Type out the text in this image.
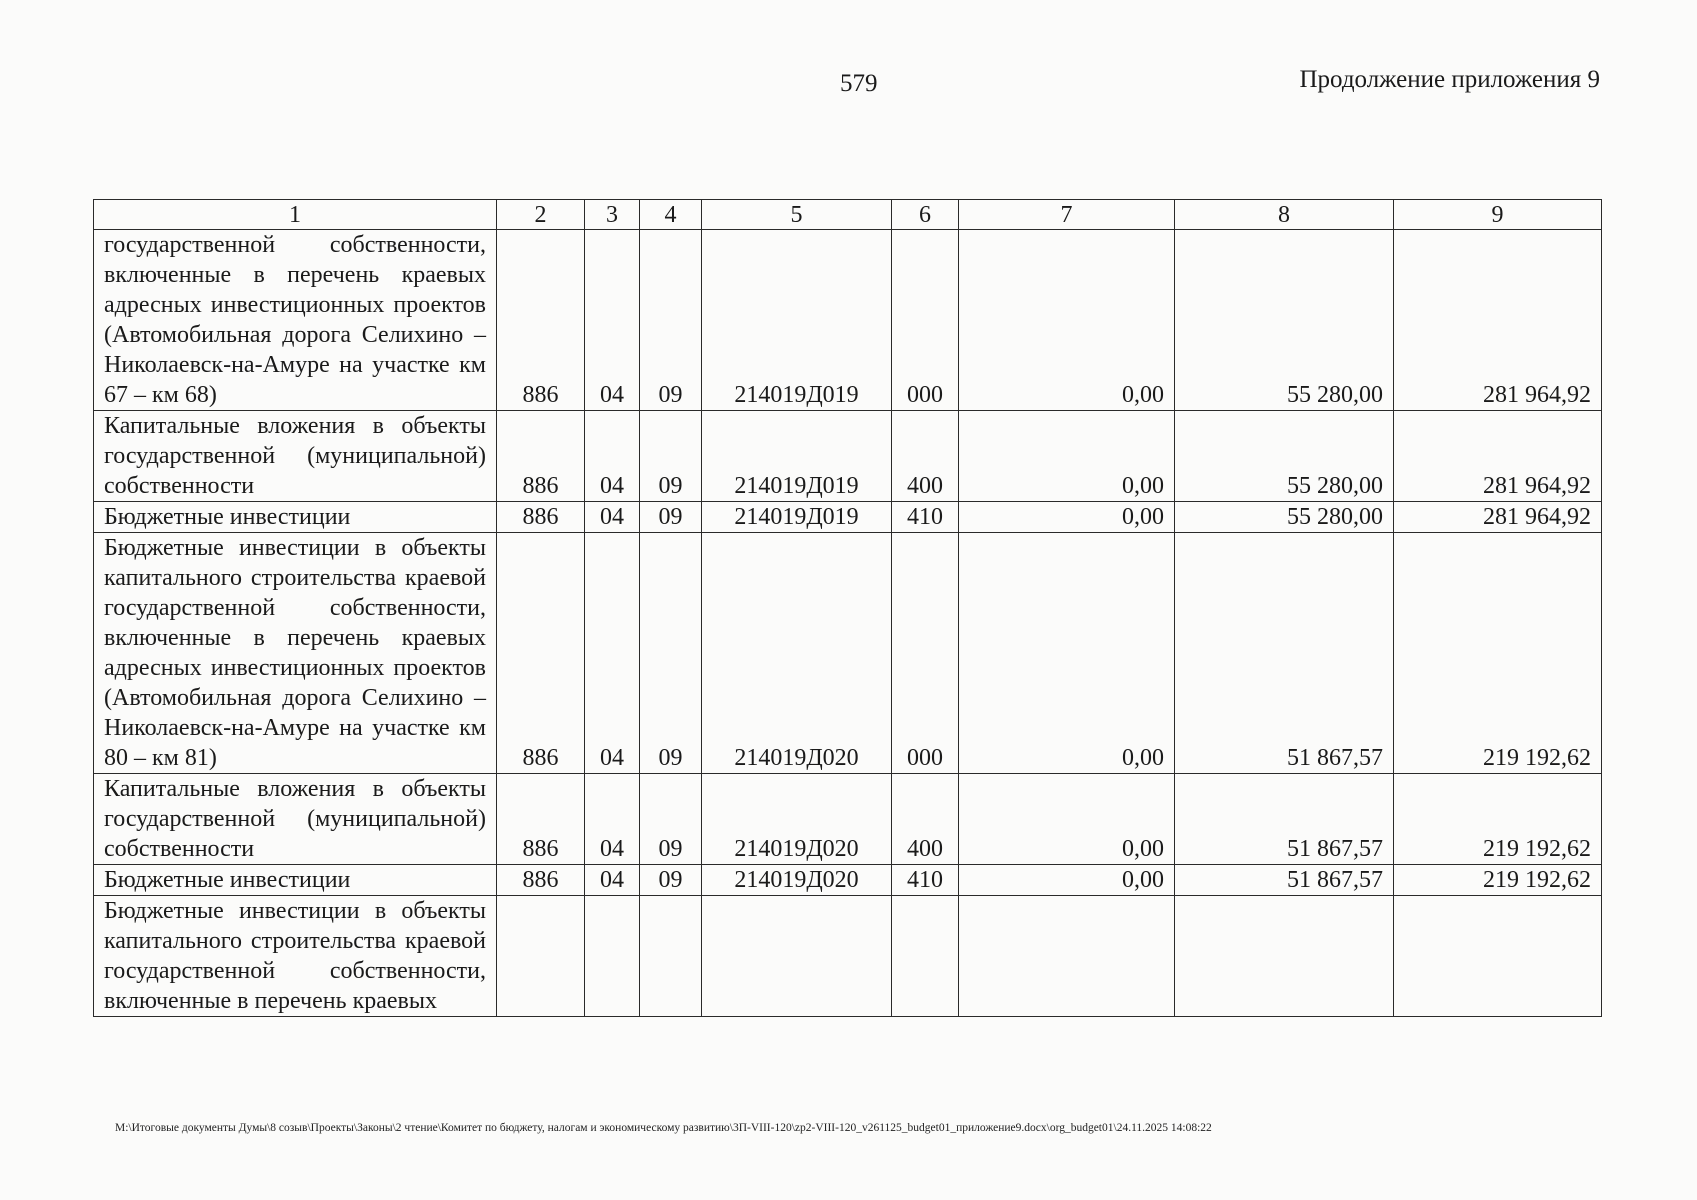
579	Продолжение приложения 9
1	2	3	4	5	6	7	8	9
государственной собственности, включенные в перечень краевых адресных инвестиционных проектов (Автомобильная дорога Селихино – Николаевск-на-Амуре на участке км 67 – км 68)	886	04	09	214019Д019	000	0,00	55 280,00	281 964,92
Капитальные вложения в объекты государственной (муниципальной) собственности	886	04	09	214019Д019	400	0,00	55 280,00	281 964,92
Бюджетные инвестиции	886	04	09	214019Д019	410	0,00	55 280,00	281 964,92
Бюджетные инвестиции в объекты капитального строительства краевой государственной собственности, включенные в перечень краевых адресных инвестиционных проектов (Автомобильная дорога Селихино – Николаевск-на-Амуре на участке км 80 – км 81)	886	04	09	214019Д020	000	0,00	51 867,57	219 192,62
Капитальные вложения в объекты государственной (муниципальной) собственности	886	04	09	214019Д020	400	0,00	51 867,57	219 192,62
Бюджетные инвестиции	886	04	09	214019Д020	410	0,00	51 867,57	219 192,62
Бюджетные инвестиции в объекты капитального строительства краевой государственной собственности, включенные в перечень краевых								
M:\Итоговые документы Думы\8 созыв\Проекты\Законы\2 чтение\Комитет по бюджету, налогам и экономическому развитию\3П-VIII-120\zp2-VIII-120_v261125_budget01_приложение9.docx\org_budget01\24.11.2025 14:08:22
